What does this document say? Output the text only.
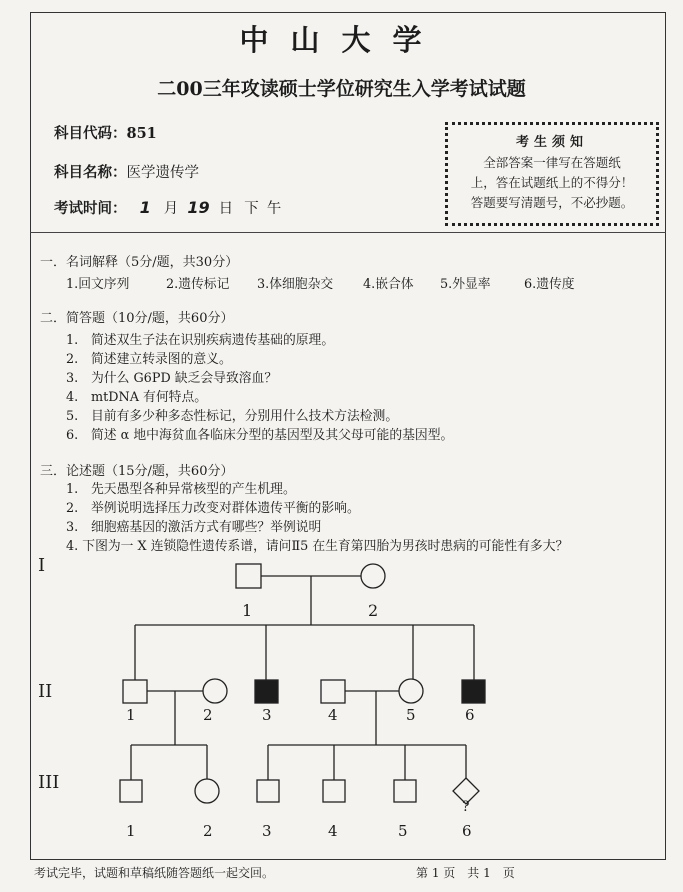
中山大学
二00三年攻读硕士学位研究生入学考试试题
科目代码：851
科目名称：医学遗传学
考试时间： 1 月 19 日 下午
考生须知
全部答案一律写在答题纸
上，答在试题纸上的不得分！
答题要写清题号，不必抄题。
一．名词解释（5分/题，共30分）
1.回文序列	2.遗传标记 3.体细胞杂交 4.嵌合体 5.外显率	6.遗传度
二．简答题（10分/题，共60分）
1.　简述双生子法在识别疾病遗传基础的原理。
2.　简述建立转录图的意义。
3.　为什么 G6PD 缺乏会导致溶血？
4.　mtDNA 有何特点。
5.　目前有多少种多态性标记，分别用什么技术方法检测。
6.　简述 α 地中海贫血各临床分型的基因型及其父母可能的基因型。
三．论述题（15分/题，共60分）
1.　先天愚型各种异常核型的产生机理。
2.　举例说明选择压力改变对群体遗传平衡的影响。
3.　细胞癌基因的激活方式有哪些？举例说明
4. 下图为一 X 连锁隐性遗传系谱，请问Ⅱ5 在生育第四胎为男孩时患病的可能性有多大？
I
II
III
1	2
1	2	3	4	5	6
?
1	2	3	4	5	6
考试完毕，试题和草稿纸随答题纸一起交回。	第 1 页　共 1　页
